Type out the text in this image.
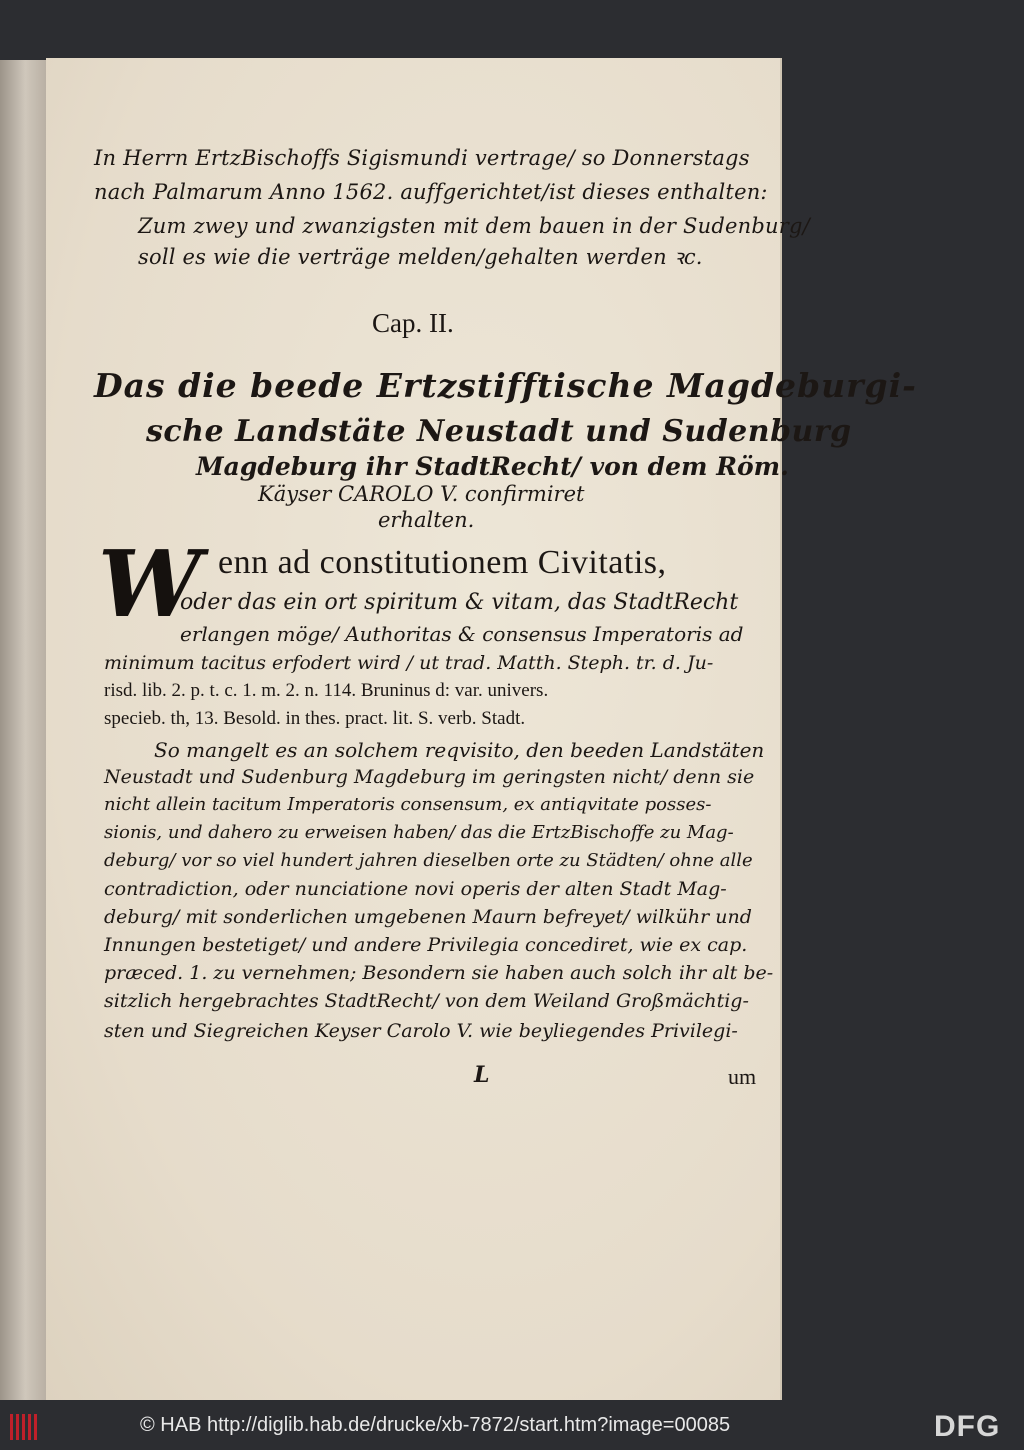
In Herrn ErtzBischoffs Sigismundi vertrage/ so Donnerstags
nach Palmarum Anno 1562. auffgerichtet/ist dieses enthalten:
Zum zwey und zwanzigsten mit dem bauen in der Sudenburg/
soll es wie die verträge melden/gehalten werden ꝛc.
Cap. II.
Das die beede Ertzstifftische Magdeburgi-
sche Landstäte Neustadt und Sudenburg
Magdeburg ihr StadtRecht/ von dem Röm.
Käyser CAROLO V. confirmiret
erhalten.
W enn ad constitutionem Civitatis,
oder das ein ort spiritum & vitam, das StadtRecht
erlangen möge/ Authoritas & consensus Imperatoris ad
minimum tacitus erfodert wird / ut trad. Matth. Steph. tr. d. Ju-
risd. lib. 2. p. t. c. 1. m. 2. n. 114. Bruninus d: var. univers.
specieb. th, 13. Besold. in thes. pract. lit. S. verb. Stadt.
So mangelt es an solchem reqvisito, den beeden Landstäten
Neustadt und Sudenburg Magdeburg im geringsten nicht/ denn sie
nicht allein tacitum Imperatoris consensum, ex antiqvitate posses-
sionis, und dahero zu erweisen haben/ das die ErtzBischoffe zu Mag-
deburg/ vor so viel hundert jahren dieselben orte zu Städten/ ohne alle
contradiction, oder nunciatione novi operis der alten Stadt Mag-
deburg/ mit sonderlichen umgebenen Maurn befreyet/ wilkühr und
Innungen bestetiget/ und andere Privilegia concediret, wie ex cap.
præced. 1. zu vernehmen; Besondern sie haben auch solch ihr alt be-
sitzlich hergebrachtes StadtRecht/ von dem Weiland Großmächtig-
sten und Siegreichen Keyser Carolo V. wie beyliegendes Privilegi-
L	um
© HAB http://diglib.hab.de/drucke/xb-7872/start.htm?image=00085	DFG
